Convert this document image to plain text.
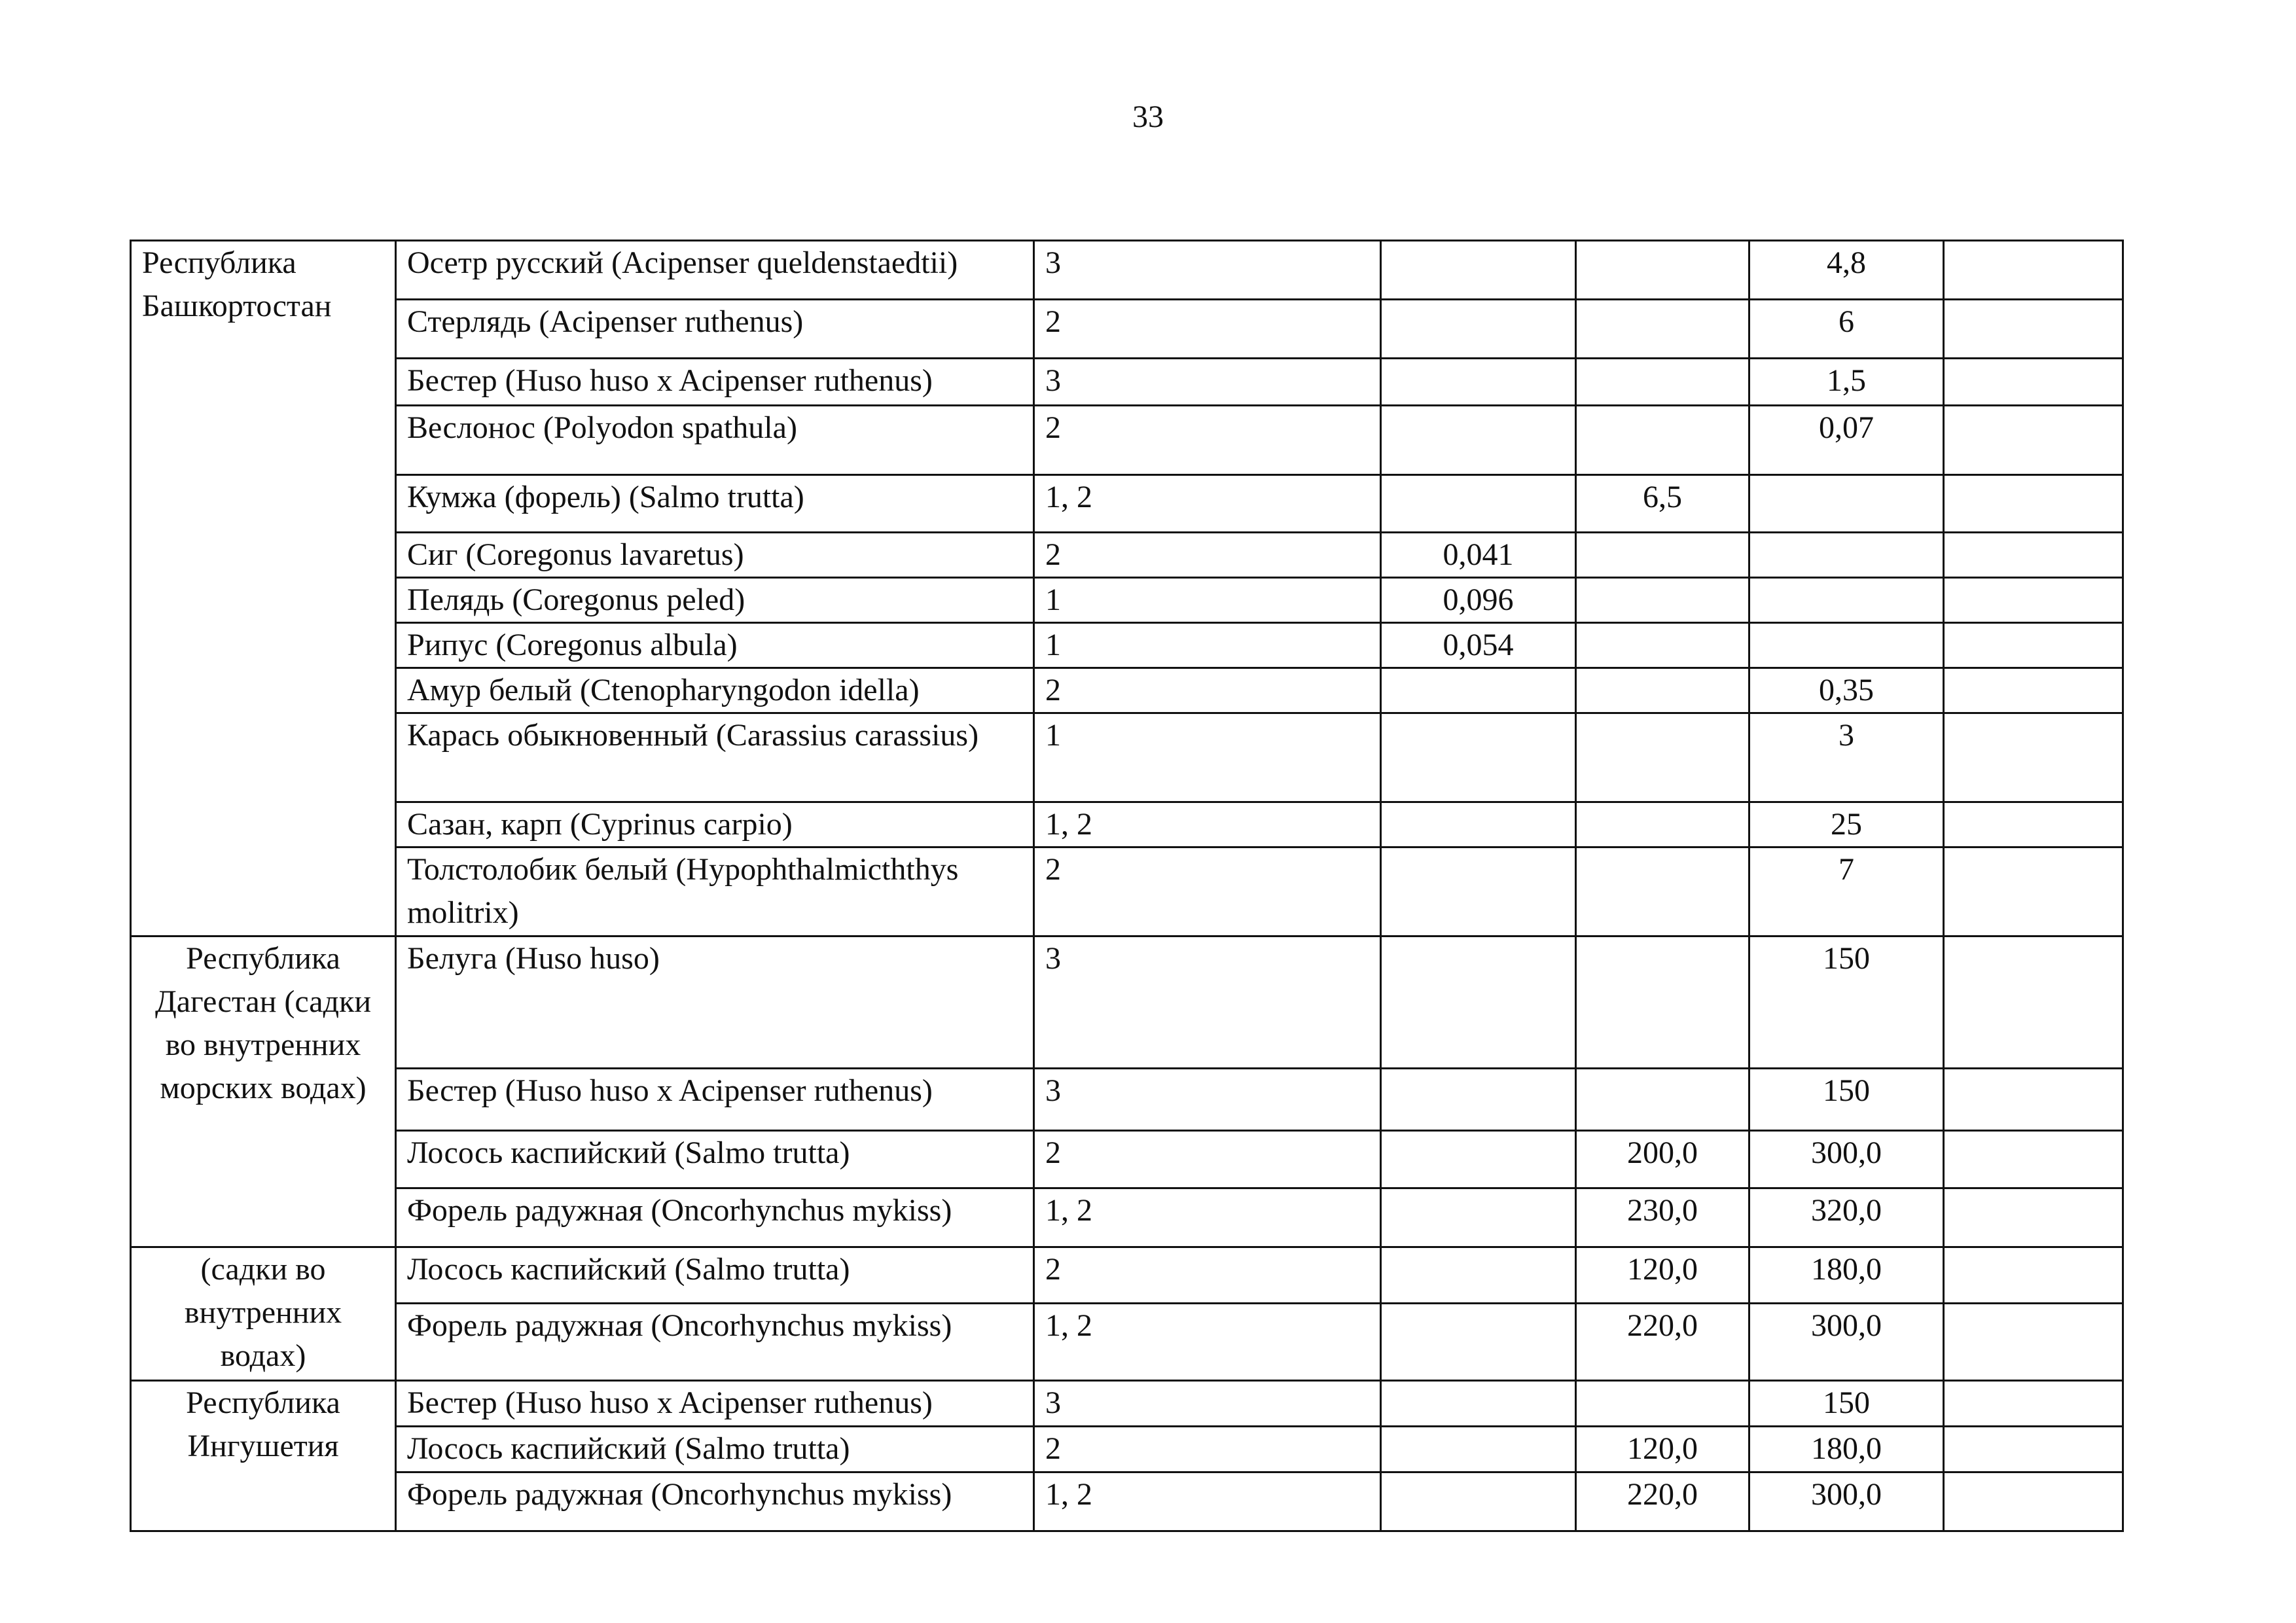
33
Республика Башкортостан	Осетр русский (Acipenser queldenstaedtii)	3			4,8	
	Стерлядь (Acipenser ruthenus)	2			6	
	Бестер (Huso huso x Acipenser ruthenus)	3			1,5	
	Веслонос (Polyodon spathula)	2			0,07	
	Кумжа (форель) (Salmo trutta)	1, 2		6,5		
	Сиг (Coregonus lavaretus)	2	0,041			
	Пелядь (Coregonus peled)	1	0,096			
	Рипус (Coregonus albula)	1	0,054			
	Амур белый (Ctenopharyngodon idella)	2			0,35	
	Карась обыкновенный (Carassius carassius)	1			3	
	Сазан, карп (Cyprinus carpio)	1, 2			25	
	Толстолобик белый (Hypophthalmicththys molitrix)	2			7	
Республика Дагестан (садки во внутренних морских водах)	Белуга (Huso huso)	3			150	
	Бестер (Huso huso x Acipenser ruthenus)	3			150	
	Лосось каспийский (Salmo trutta)	2		200,0	300,0	
	Форель радужная (Oncorhynchus mykiss)	1, 2		230,0	320,0	
(садки во внутренних водах)	Лосось каспийский (Salmo trutta)	2		120,0	180,0	
	Форель радужная (Oncorhynchus mykiss)	1, 2		220,0	300,0	
Республика Ингушетия	Бестер (Huso huso x Acipenser ruthenus)	3			150	
	Лосось каспийский (Salmo trutta)	2		120,0	180,0	
	Форель радужная (Oncorhynchus mykiss)	1, 2		220,0	300,0	
